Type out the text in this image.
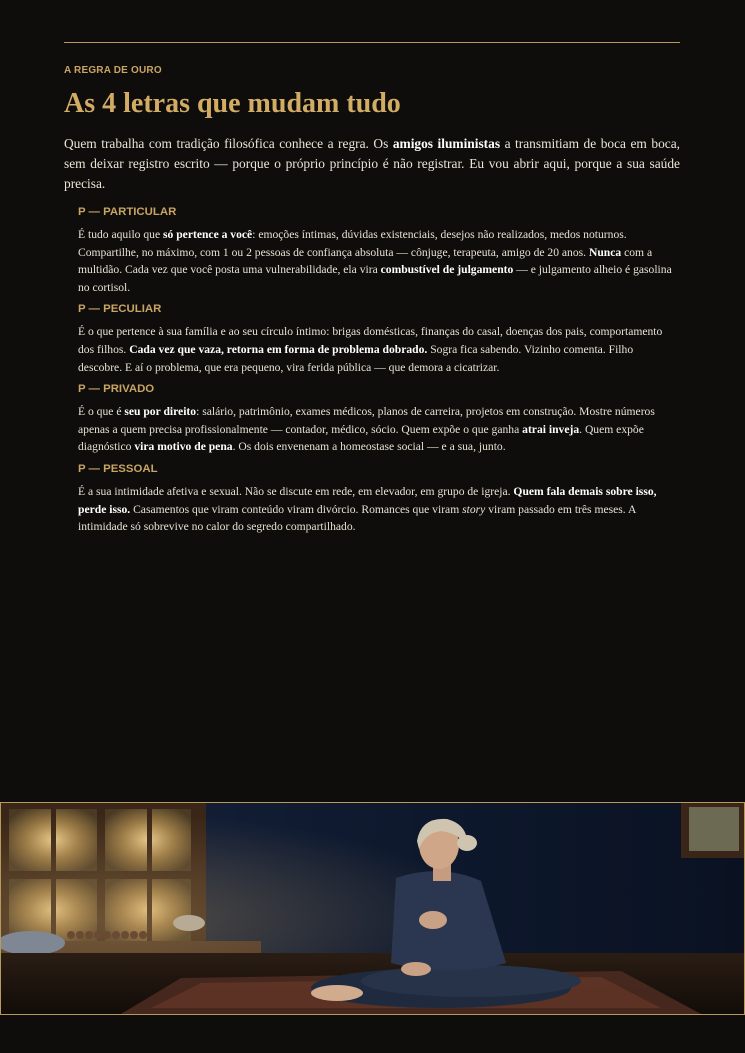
A REGRA DE OURO
As 4 letras que mudam tudo

Quem trabalha com tradição filosófica conhece a regra. Os amigos iluministas a transmitiam de boca em boca, sem deixar registro escrito — porque o próprio princípio é não registrar. Eu vou abrir aqui, porque a sua saúde precisa.

P — PARTICULAR

É tudo aquilo que só pertence a você: emoções íntimas, dúvidas existenciais, desejos não realizados, medos noturnos. Compartilhe, no máximo, com 1 ou 2 pessoas de confiança absoluta — cônjuge, terapeuta, amigo de 20 anos. Nunca com a multidão. Cada vez que você posta uma vulnerabilidade, ela vira combustível de julgamento — e julgamento alheio é gasolina no cortisol.

P — PECULIAR

É o que pertence à sua família e ao seu círculo íntimo: brigas domésticas, finanças do casal, doenças dos pais, comportamento dos filhos. Cada vez que vaza, retorna em forma de problema dobrado. Sogra fica sabendo. Vizinho comenta. Filho descobre. E aí o problema, que era pequeno, vira ferida pública — que demora a cicatrizar.

P — PRIVADO

É o que é seu por direito: salário, patrimônio, exames médicos, planos de carreira, projetos em construção. Mostre números apenas a quem precisa profissionalmente — contador, médico, sócio. Quem expõe o que ganha atrai inveja. Quem expõe diagnóstico vira motivo de pena. Os dois envenenam a homeostase social — e a sua, junto.

P — PESSOAL

É a sua intimidade afetiva e sexual. Não se discute em rede, em elevador, em grupo de igreja. Quem fala demais sobre isso, perde isso. Casamentos que viram conteúdo viram divórcio. Romances que viram story viram passado em três meses. A intimidade só sobrevive no calor do segredo compartilhado.
